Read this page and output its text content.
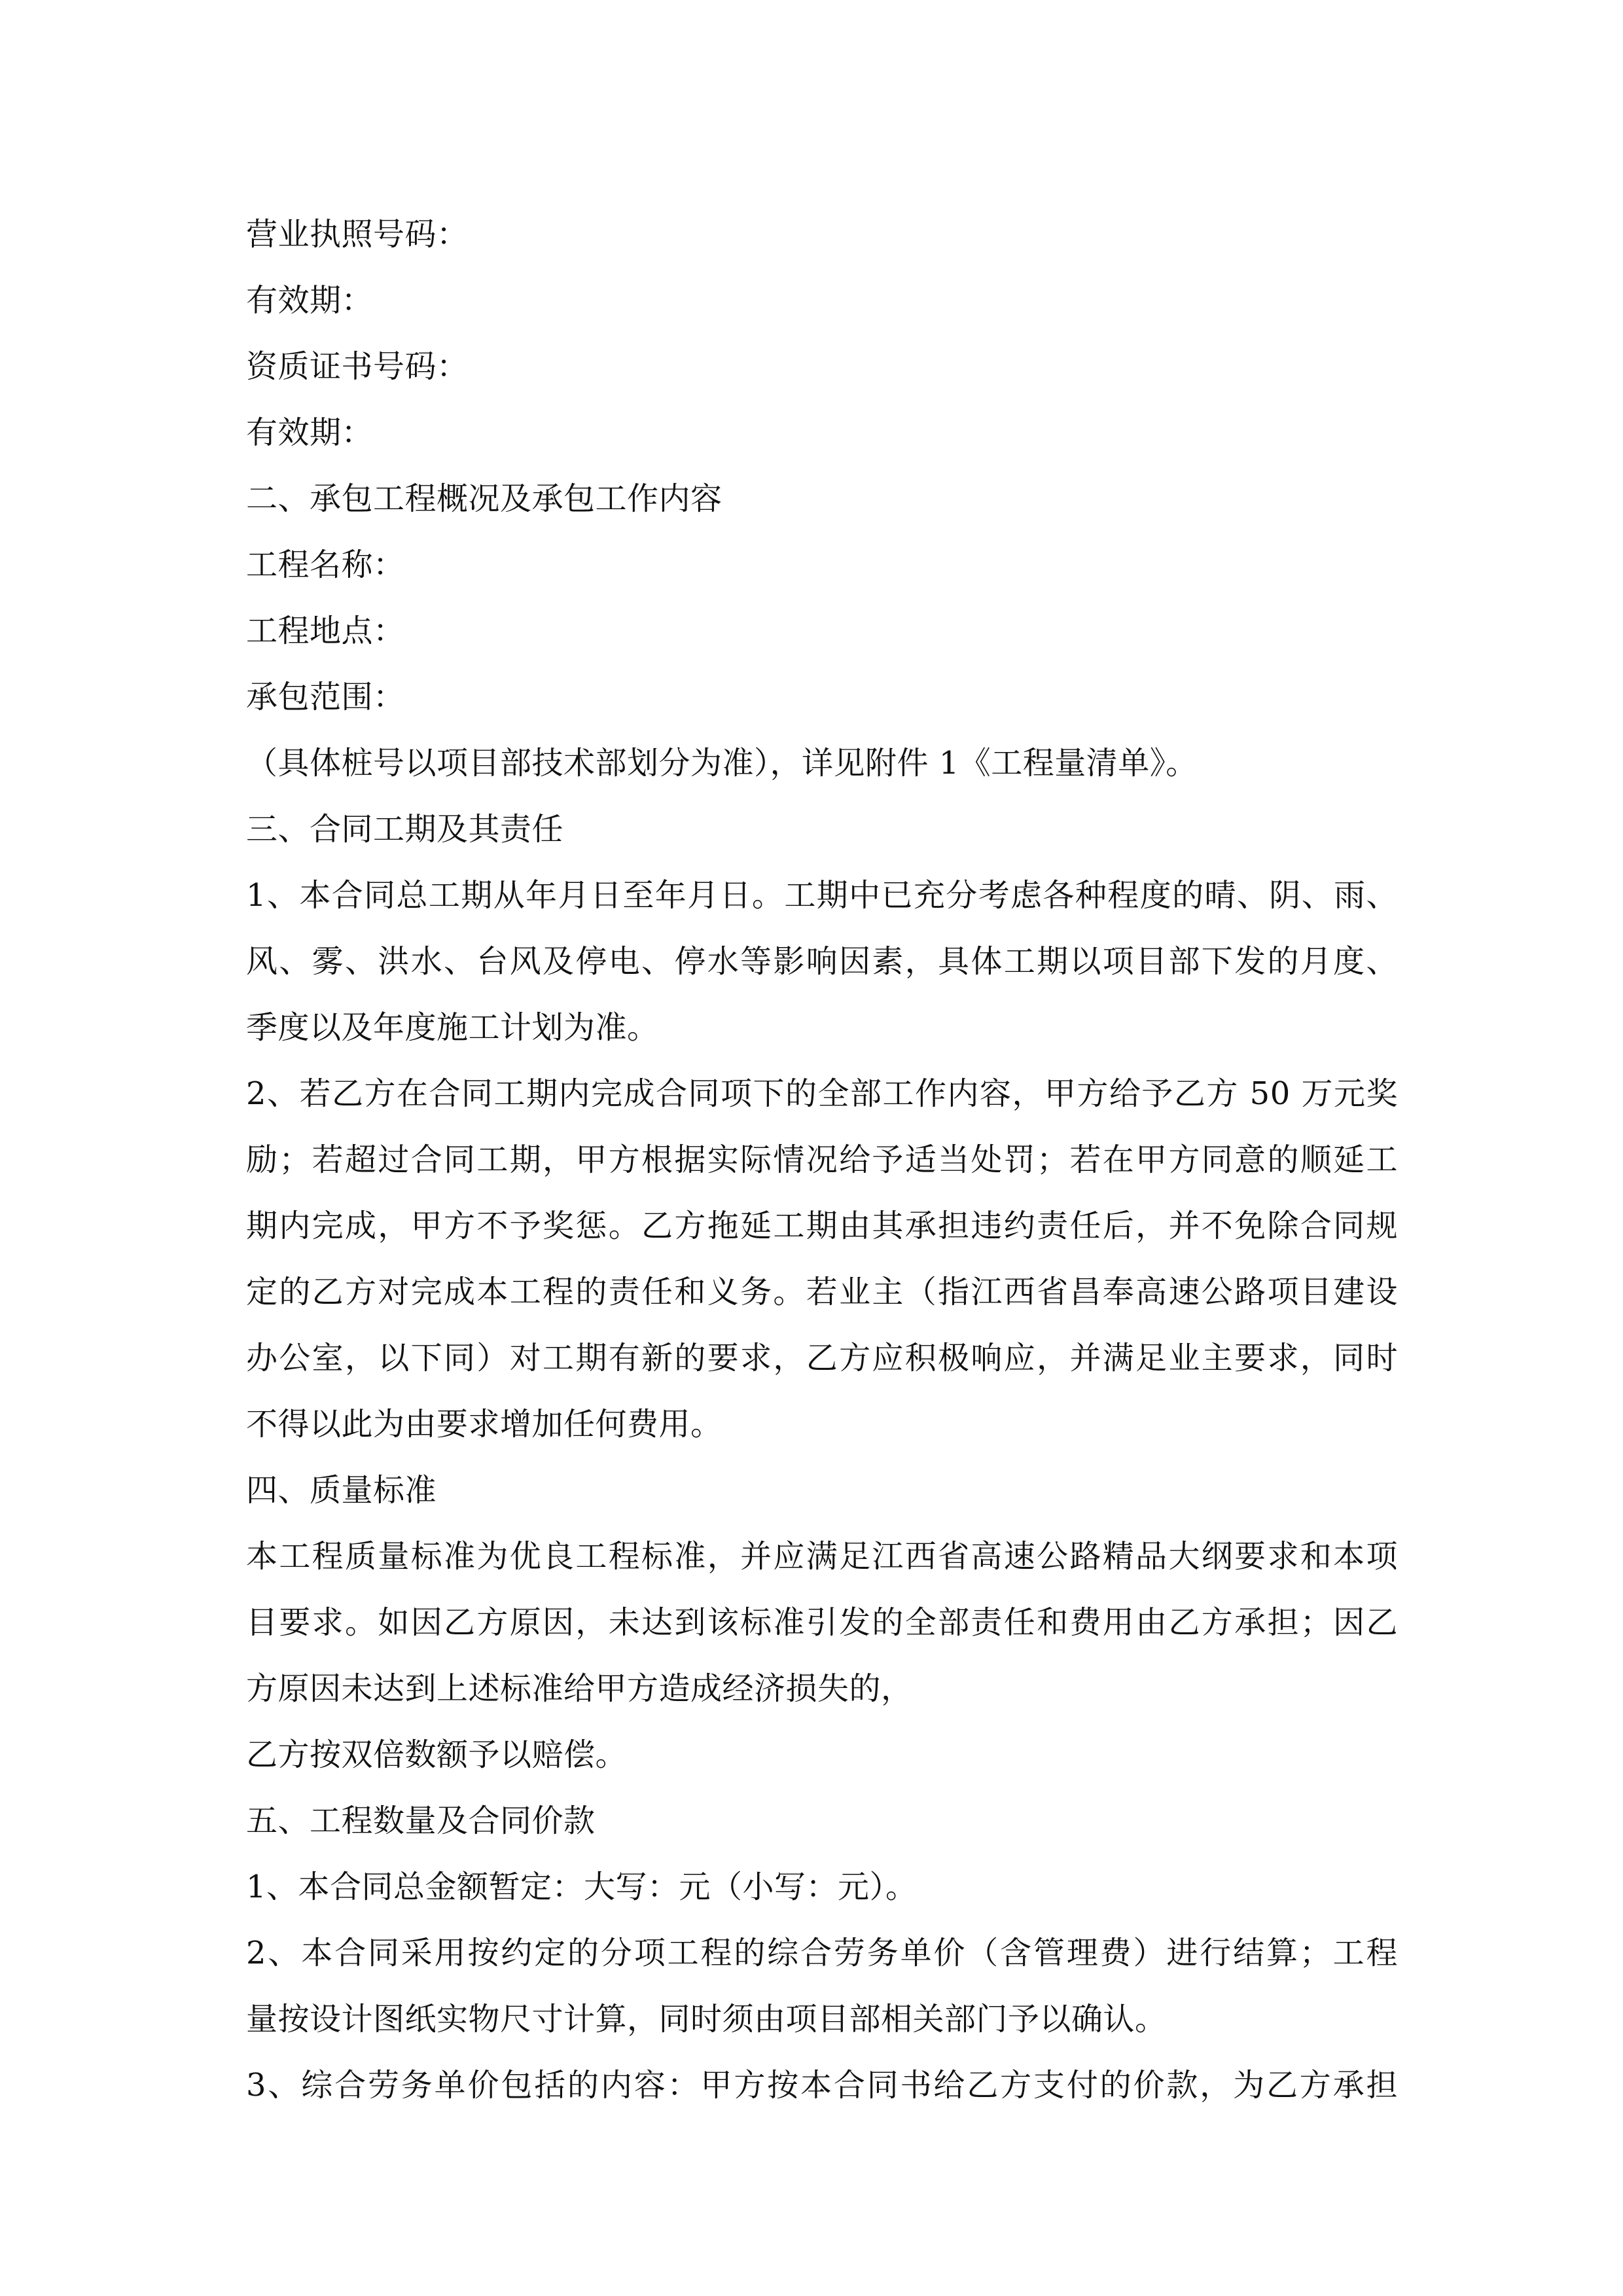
营业执照号码：
有效期：
资质证书号码：
有效期：
二、承包工程概况及承包工作内容
工程名称：
工程地点：
承包范围：
（具体桩号以项目部技术部划分为准），详见附件 1《工程量清单》。
三、合同工期及其责任
1、本合同总工期从年月日至年月日。工期中已充分考虑各种程度的晴、阴、雨、
风、雾、洪水、台风及停电、停水等影响因素，具体工期以项目部下发的月度、
季度以及年度施工计划为准。
2、若乙方在合同工期内完成合同项下的全部工作内容，甲方给予乙方 50 万元奖
励；若超过合同工期，甲方根据实际情况给予适当处罚；若在甲方同意的顺延工
期内完成，甲方不予奖惩。乙方拖延工期由其承担违约责任后，并不免除合同规
定的乙方对完成本工程的责任和义务。若业主（指江西省昌奉高速公路项目建设
办公室，以下同）对工期有新的要求，乙方应积极响应，并满足业主要求，同时
不得以此为由要求增加任何费用。
四、质量标准
本工程质量标准为优良工程标准，并应满足江西省高速公路精品大纲要求和本项
目要求。如因乙方原因，未达到该标准引发的全部责任和费用由乙方承担；因乙
方原因未达到上述标准给甲方造成经济损失的，
乙方按双倍数额予以赔偿。
五、工程数量及合同价款
1、本合同总金额暂定：大写：元（小写：元）。
2、本合同采用按约定的分项工程的综合劳务单价（含管理费）进行结算；工程
量按设计图纸实物尺寸计算，同时须由项目部相关部门予以确认。
3、综合劳务单价包括的内容：甲方按本合同书给乙方支付的价款，为乙方承担
